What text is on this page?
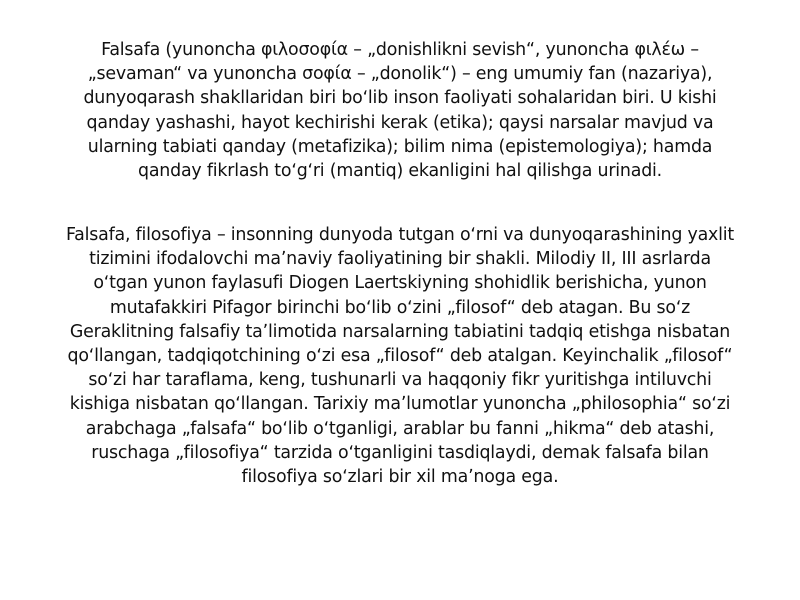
Falsafa (yunoncha φιλοσοφία – „donishlikni sevish“, yunoncha φιλέω – „sevaman“ va yunoncha σοφία – „donolik“) – eng umumiy fan (nazariya), dunyoqarash shakllaridan biri boʻlib inson faoliyati sohalaridan biri. U kishi qanday yashashi, hayot kechirishi kerak (etika); qaysi narsalar mavjud va ularning tabiati qanday (metafizika); bilim nima (epistemologiya); hamda qanday fikrlash toʻgʻri (mantiq) ekanligini hal qilishga urinadi.

Falsafa, filosofiya – insonning dunyoda tutgan oʻrni va dunyoqarashining yaxlit tizimini ifodalovchi maʼnaviy faoliyatining bir shakli. Milodiy II, III asrlarda oʻtgan yunon faylasufi Diogen Laertskiyning shohidlik berishicha, yunon mutafakkiri Pifagor birinchi boʻlib oʻzini „filosof“ deb atagan. Bu soʻz Geraklitning falsafiy taʼlimotida narsalarning tabiatini tadqiq etishga nisbatan qoʻllangan, tadqiqotchining oʻzi esa „filosof“ deb atalgan. Keyinchalik „filosof“ soʻzi har taraflama, keng, tushunarli va haqqoniy fikr yuritishga intiluvchi kishiga nisbatan qoʻllangan. Tarixiy maʼlumotlar yunoncha „philosophia“ soʻzi arabchaga „falsafa“ boʻlib oʻtganligi, arablar bu fanni „hikma“ deb atashi, ruschaga „filosofiya“ tarzida oʻtganligini tasdiqlaydi, demak falsafa bilan filosofiya soʻzlari bir xil maʼnoga ega.
